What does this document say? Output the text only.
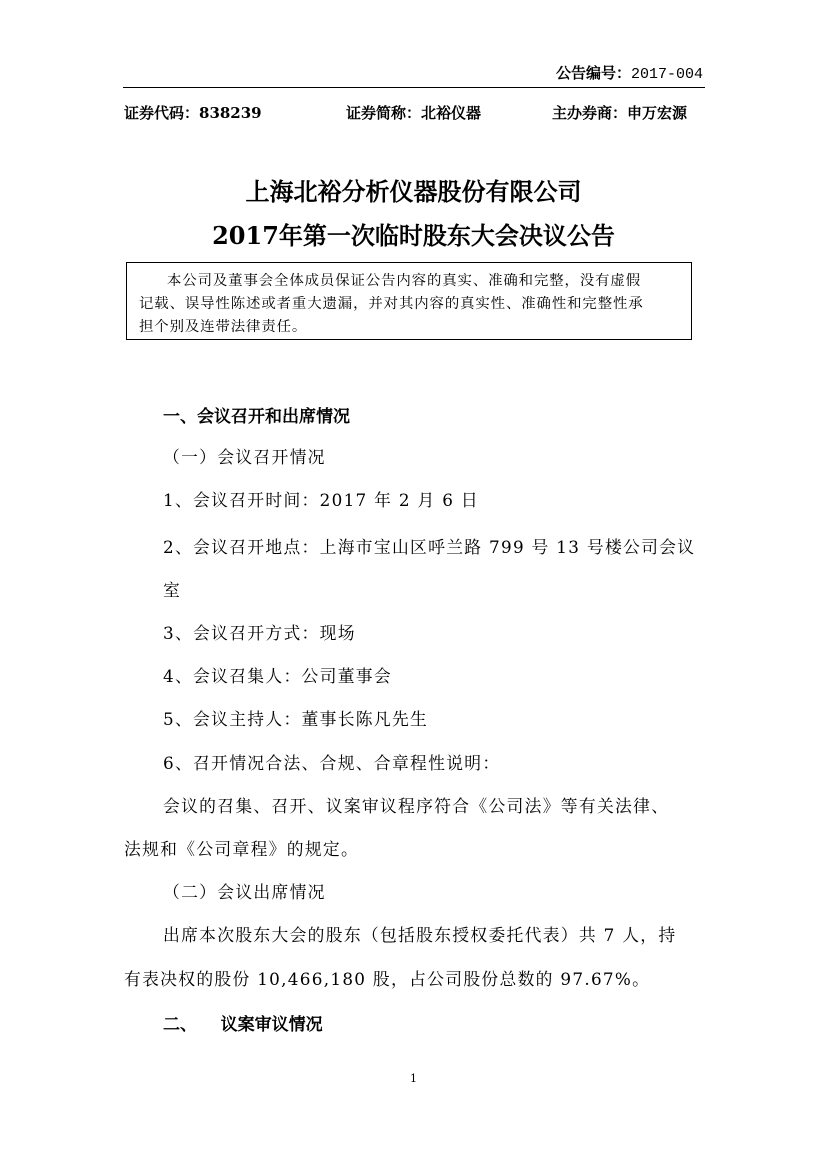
公告编号：2017-004
证券代码：838239	证券简称：北裕仪器	主办券商：申万宏源
上海北裕分析仪器股份有限公司
2017年第一次临时股东大会决议公告
本公司及董事会全体成员保证公告内容的真实、准确和完整，没有虚假
记载、误导性陈述或者重大遗漏，并对其内容的真实性、准确性和完整性承
担个别及连带法律责任。
一、会议召开和出席情况
（一）会议召开情况
1、会议召开时间：2017 年 2 月 6 日
2、会议召开地点：上海市宝山区呼兰路 799 号 13 号楼公司会议
室
3、会议召开方式：现场
4、会议召集人：公司董事会
5、会议主持人：董事长陈凡先生
6、召开情况合法、合规、合章程性说明：
会议的召集、召开、议案审议程序符合《公司法》等有关法律、
法规和《公司章程》的规定。
（二）会议出席情况
出席本次股东大会的股东（包括股东授权委托代表）共 7 人，持
有表决权的股份 10,466,180 股，占公司股份总数的 97.67%。
二、    议案审议情况
1
